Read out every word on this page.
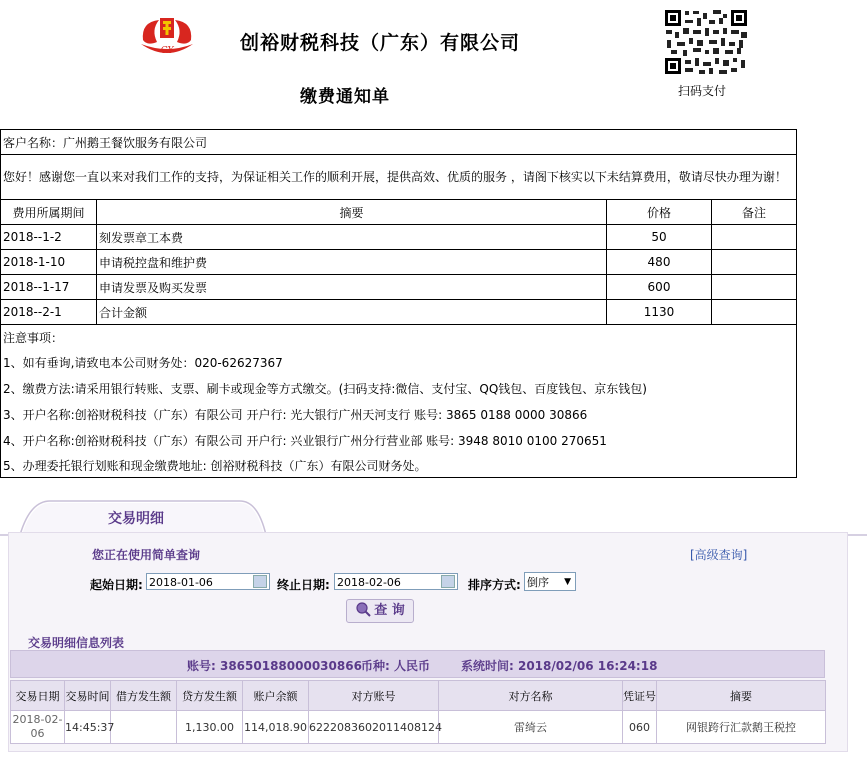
CY	创裕财税科技（广东）有限公司
缴费通知单	扫码支付
客户名称：广州鹅王餐饮服务有限公司			
您好！感谢您一直以来对我们工作的支持，为保证相关工作的顺利开展，提供高效、优质的服务 ，请阁下核实以下未结算费用，敬请尽快办理为谢！			
费用所属期间	摘要	价格	备注
2018--1-2	刻发票章工本费	50	
2018-1-10	申请税控盘和维护费	480	
2018--1-17	申请发票及购买发票	600	
2018--2-1	合计金额	1130	
注意事项：			
1、如有垂询,请致电本公司财务处：020-62627367			
2、缴费方法:请采用银行转账、支票、刷卡或现金等方式缴交。(扫码支持:微信、支付宝、QQ钱包、百度钱包、京东钱包)			
3、开户名称:创裕财税科技（广东）有限公司 开户行: 光大银行广州天河支行 账号: 3865 0188 0000 30866			
4、开户名称:创裕财税科技（广东）有限公司 开户行: 兴业银行广州分行营业部 账号: 3948 8010 0100 270651			
5、办理委托银行划账和现金缴费地址: 创裕财税科技（广东）有限公司财务处。			
交易明细
您正在使用简单查询	[高级查询]
起始日期: 2018-01-06	终止日期: 2018-02-06	排序方式: 倒序 ▼
查 询
交易明细信息列表
账号: 38650188000030866 币种: 人民币	系统时间: 2018/02/06 16:24:18
交易日期	交易时间	借方发生额	贷方发生额	账户余额	对方账号	对方名称	凭证号	摘要
2018-02-
06	14:45:37		1,130.00	114,018.90	6222083602011408124	雷绮云	060	网银跨行汇款鹅王税控
